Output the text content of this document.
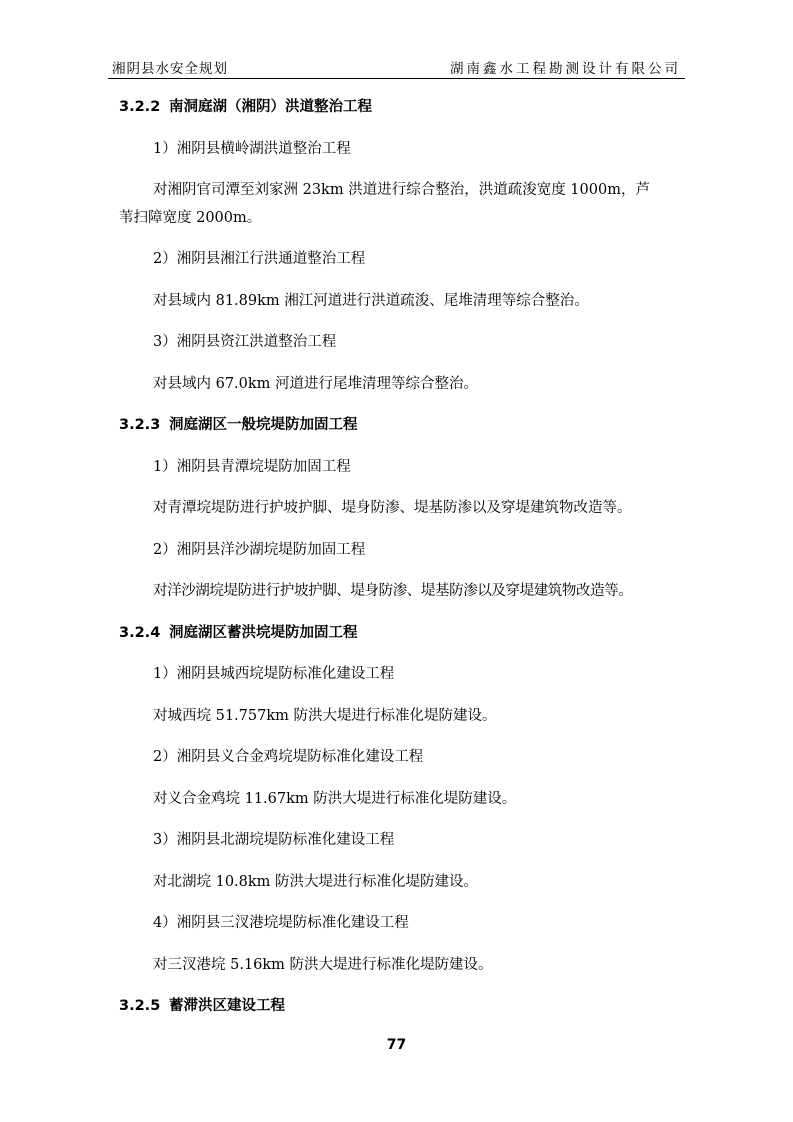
湘阴县水安全规划	湖南鑫水工程勘测设计有限公司
3.2.2 南洞庭湖（湘阴）洪道整治工程
1）湘阴县横岭湖洪道整治工程
对湘阴官司潭至刘家洲 23km 洪道进行综合整治，洪道疏浚宽度 1000m，芦
苇扫障宽度 2000m。
2）湘阴县湘江行洪通道整治工程
对县域内 81.89km 湘江河道进行洪道疏浚、尾堆清理等综合整治。
3）湘阴县资江洪道整治工程
对县域内 67.0km 河道进行尾堆清理等综合整治。
3.2.3 洞庭湖区一般垸堤防加固工程
1）湘阴县青潭垸堤防加固工程
对青潭垸堤防进行护坡护脚、堤身防渗、堤基防渗以及穿堤建筑物改造等。
2）湘阴县洋沙湖垸堤防加固工程
对洋沙湖垸堤防进行护坡护脚、堤身防渗、堤基防渗以及穿堤建筑物改造等。
3.2.4 洞庭湖区蓄洪垸堤防加固工程
1）湘阴县城西垸堤防标准化建设工程
对城西垸 51.757km 防洪大堤进行标准化堤防建设。
2）湘阴县义合金鸡垸堤防标准化建设工程
对义合金鸡垸 11.67km 防洪大堤进行标准化堤防建设。
3）湘阴县北湖垸堤防标准化建设工程
对北湖垸 10.8km 防洪大堤进行标准化堤防建设。
4）湘阴县三汊港垸堤防标准化建设工程
对三汊港垸 5.16km 防洪大堤进行标准化堤防建设。
3.2.5 蓄滞洪区建设工程
77
